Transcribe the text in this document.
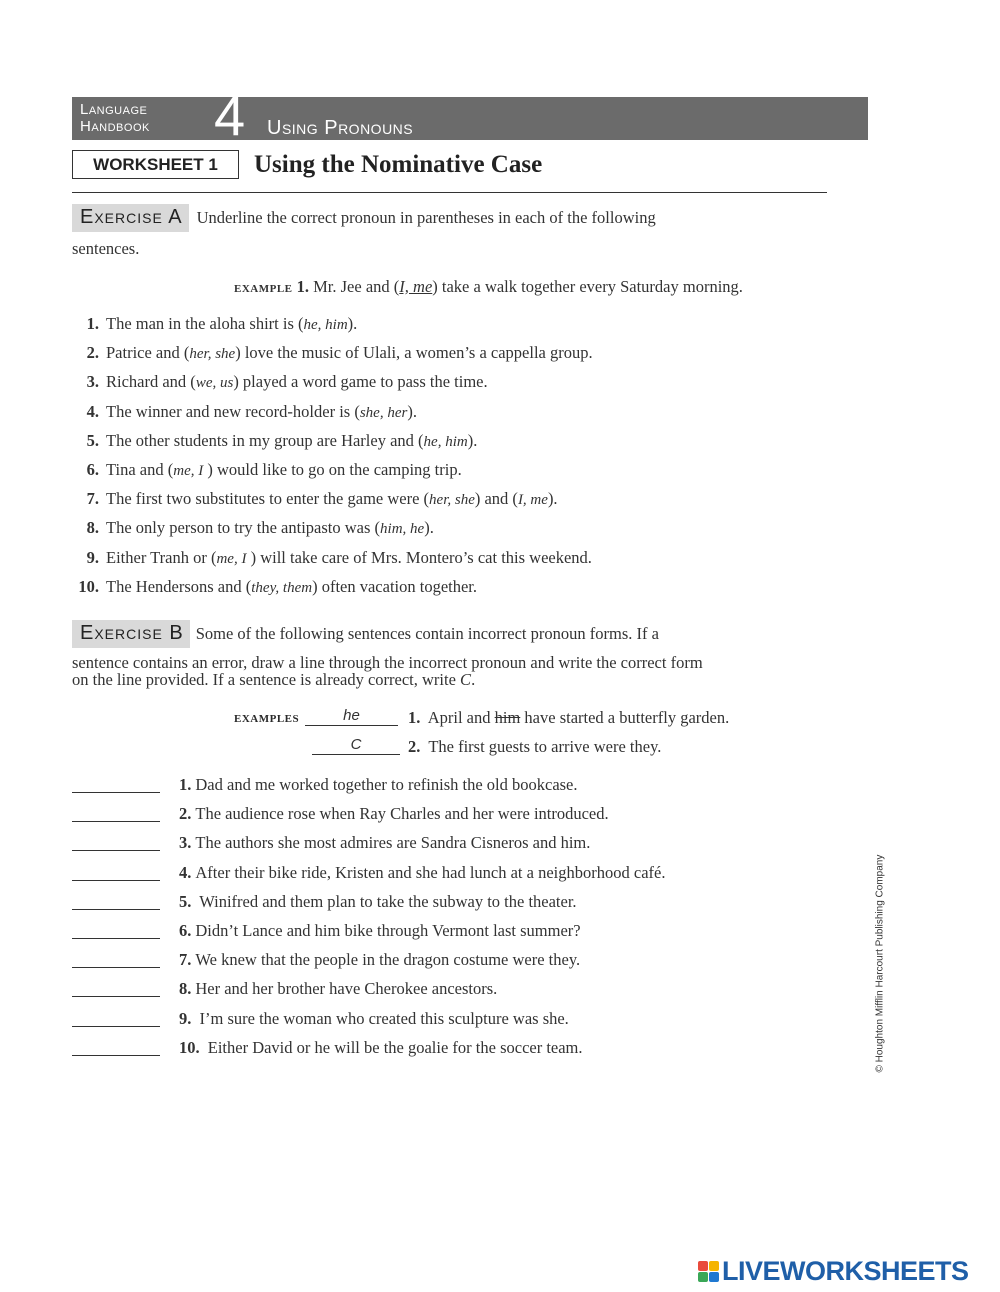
Language
Handbook 4 Using Pronouns
WORKSHEET 1	Using the Nominative Case
Exercise A Underline the correct pronoun in parentheses in each of the following
sentences.
EXAMPLE 1. Mr. Jee and (I, me) take a walk together every Saturday morning.
1. The man in the aloha shirt is (he, him).
2. Patrice and (her, she) love the music of Ulali, a women’s a cappella group.
3. Richard and (we, us) played a word game to pass the time.
4. The winner and new record-holder is (she, her).
5. The other students in my group are Harley and (he, him).
6. Tina and (me, I ) would like to go on the camping trip.
7. The first two substitutes to enter the game were (her, she) and (I, me).
8. The only person to try the antipasto was (him, he).
9. Either Tranh or (me, I ) will take care of Mrs. Montero’s cat this weekend.
10. The Hendersons and (they, them) often vacation together.
Exercise B Some of the following sentences contain incorrect pronoun forms. If a
sentence contains an error, draw a line through the incorrect pronoun and write the correct form
on the line provided. If a sentence is already correct, write C.
EXAMPLES	he	1. April and him have started a butterfly garden.
C	2. The first guests to arrive were they.
1. Dad and me worked together to refinish the old bookcase.
2. The audience rose when Ray Charles and her were introduced.
3. The authors she most admires are Sandra Cisneros and him.
4. After their bike ride, Kristen and she had lunch at a neighborhood café.
5. Winifred and them plan to take the subway to the theater.
6. Didn’t Lance and him bike through Vermont last summer?
7. We knew that the people in the dragon costume were they.
8. Her and her brother have Cherokee ancestors.
9. I’m sure the woman who created this sculpture was she.
10. Either David or he will be the goalie for the soccer team.	© Houghton Mifflin Harcourt Publishing Company
LIVEWORKSHEETS
